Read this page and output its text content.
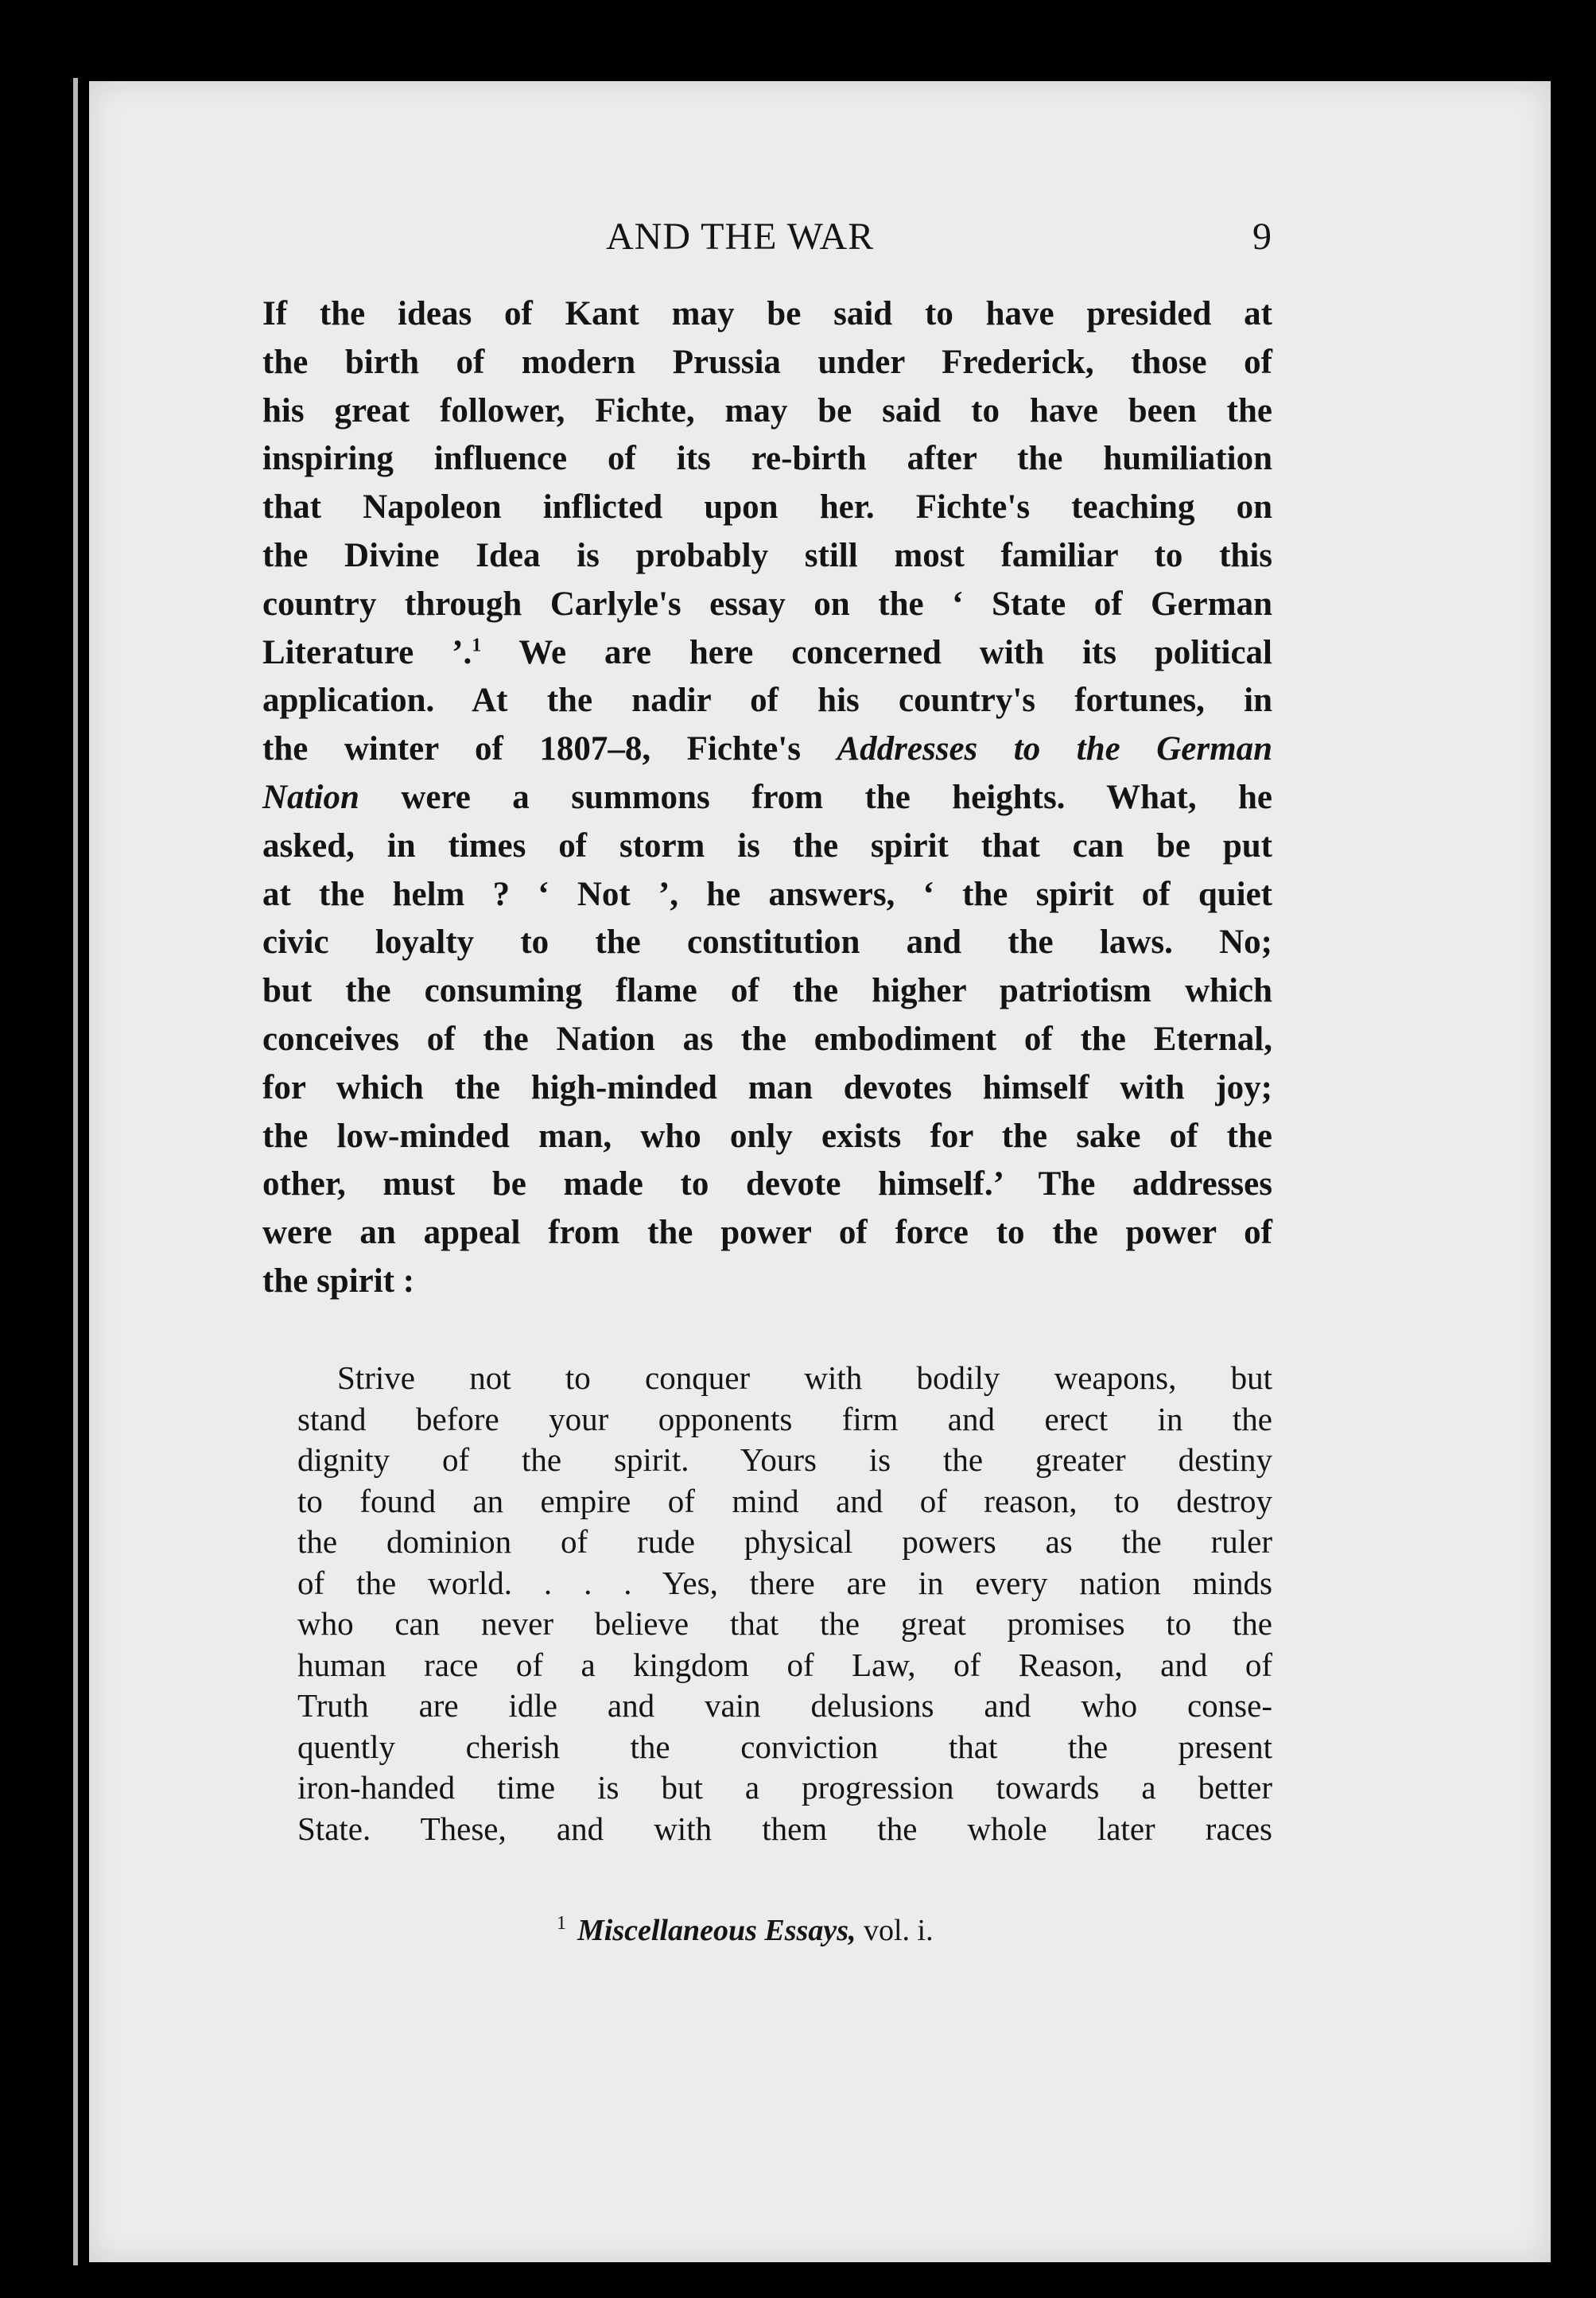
AND THE WAR	9
If the ideas of Kant may be said to have presided at
the birth of modern Prussia under Frederick, those of
his great follower, Fichte, may be said to have been the
inspiring influence of its re-birth after the humiliation
that Napoleon inflicted upon her. Fichte's teaching on
the Divine Idea is probably still most familiar to this
country through Carlyle's essay on the ‘ State of German
Literature ’.$^1$ We are here concerned with its political
application. At the nadir of his country's fortunes, in
the winter of 1807–8, Fichte's Addresses to the German
Nation were a summons from the heights. What, he
asked, in times of storm is the spirit that can be put
at the helm ? ‘ Not ’, he answers, ‘ the spirit of quiet
civic loyalty to the constitution and the laws. No;
but the consuming flame of the higher patriotism which
conceives of the Nation as the embodiment of the Eternal,
for which the high-minded man devotes himself with joy;
the low-minded man, who only exists for the sake of the
other, must be made to devote himself.’ The addresses
were an appeal from the power of force to the power of
the spirit :
Strive not to conquer with bodily weapons, but
stand before your opponents firm and erect in the
dignity of the spirit. Yours is the greater destiny
to found an empire of mind and of reason, to destroy
the dominion of rude physical powers as the ruler
of the world. . . . Yes, there are in every nation minds
who can never believe that the great promises to the
human race of a kingdom of Law, of Reason, and of
Truth are idle and vain delusions and who conse-
quently cherish the conviction that the present
iron-handed time is but a progression towards a better
State. These, and with them the whole later races
$^1$ Miscellaneous Essays, vol. i.
